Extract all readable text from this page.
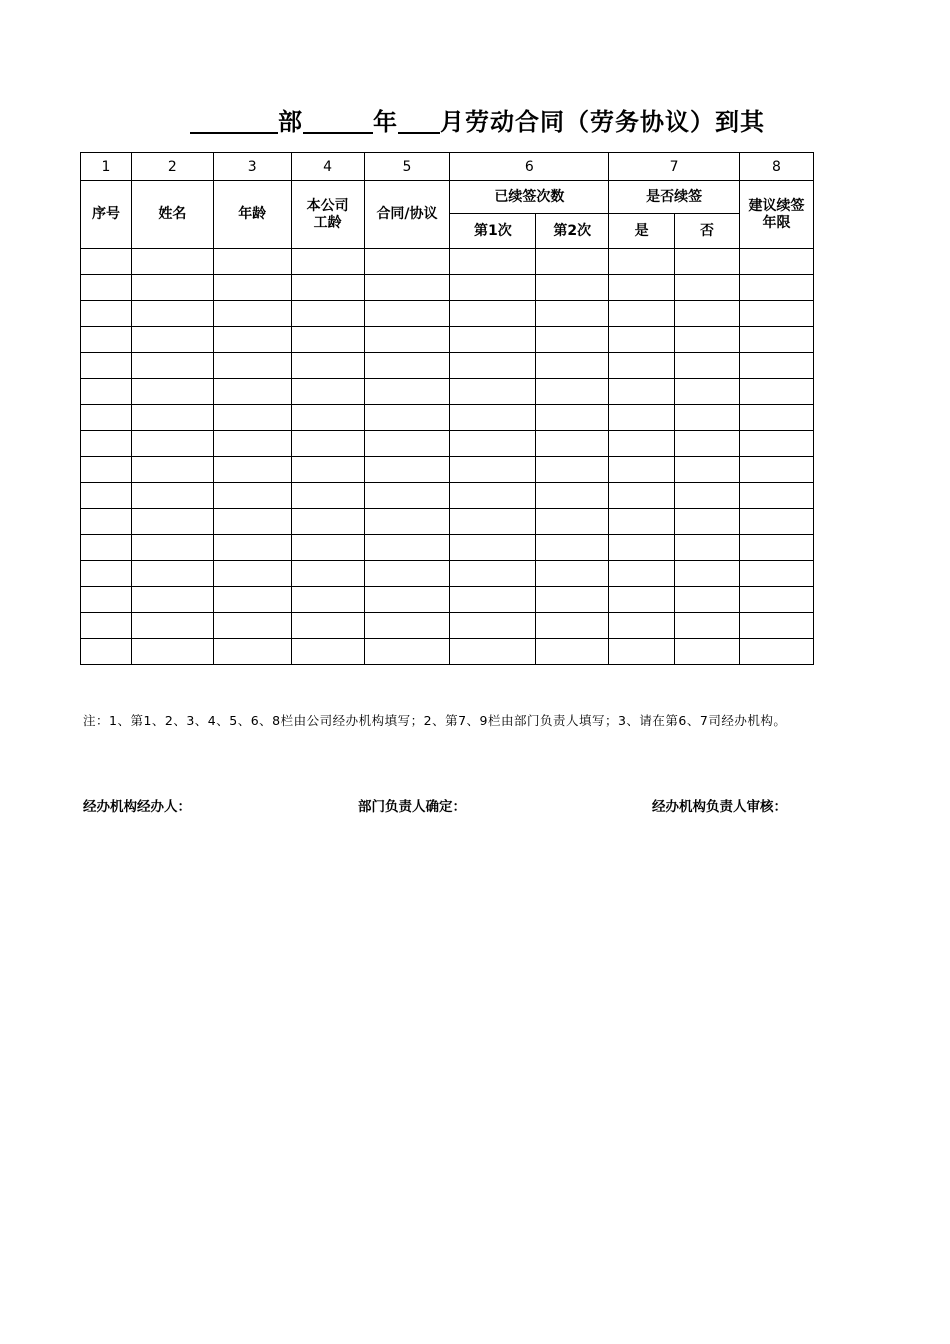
部	年 月劳动合同（劳务协议）到其
1	2	3	4	5	6		7		8
序号	姓名	年龄	本公司工龄	合同/协议	已续签次数		是否续签		建议续签年限

					第1次	第2次	是	否	

注：1、第1、2、3、4、5、6、8栏由公司经办机构填写；2、第7、9栏由部门负责人填写；3、请在第6、7司经办机构。
经办机构经办人：	部门负责人确定：	经办机构负责人审核：
